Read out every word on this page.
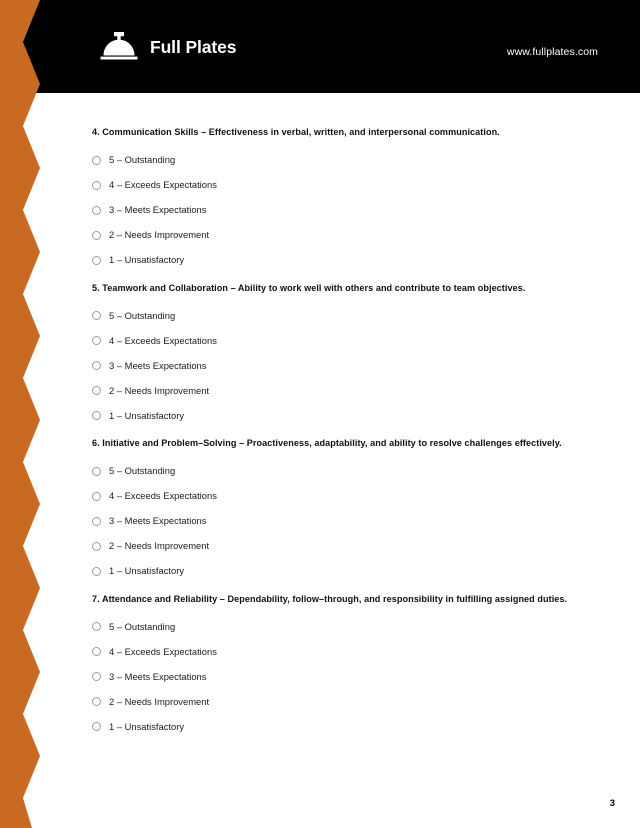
Full Plates	www.fullplates.com

4. Communication Skills – Effectiveness in verbal, written, and interpersonal communication.

5 – Outstanding
4 – Exceeds Expectations
3 – Meets Expectations
2 – Needs Improvement
1 – Unsatisfactory

5. Teamwork and Collaboration – Ability to work well with others and contribute to team objectives.

5 – Outstanding
4 – Exceeds Expectations
3 – Meets Expectations
2 – Needs Improvement
1 – Unsatisfactory

6. Initiative and Problem–Solving – Proactiveness, adaptability, and ability to resolve challenges effectively.

5 – Outstanding
4 – Exceeds Expectations
3 – Meets Expectations
2 – Needs Improvement
1 – Unsatisfactory

7. Attendance and Reliability – Dependability, follow–through, and responsibility in fulfilling assigned duties.

5 – Outstanding
4 – Exceeds Expectations
3 – Meets Expectations
2 – Needs Improvement
1 – Unsatisfactory
3
